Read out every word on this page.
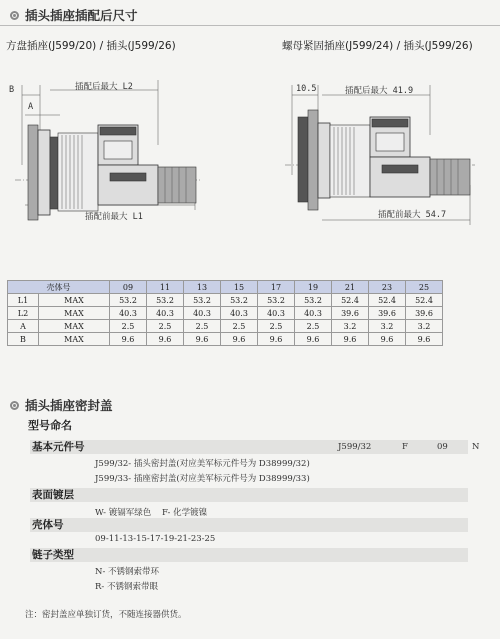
插头插座插配后尺寸
方盘插座(J599/20) / 插头(J599/26)	螺母紧固插座(J599/24) / 插头(J599/26)
B
A
插配后最大 L2
插配前最大 L1
10.5	插配后最大 41.9
插配前最大 54.7
壳体号		09	11	13	15	17	19	21	23	25
L1	MAX	53.2	53.2	53.2	53.2	53.2	53.2	52.4	52.4	52.4
L2	MAX	40.3	40.3	40.3	40.3	40.3	40.3	39.6	39.6	39.6
A	MAX	2.5	2.5	2.5	2.5	2.5	2.5	3.2	3.2	3.2
B	MAX	9.6	9.6	9.6	9.6	9.6	9.6	9.6	9.6	9.6
插头插座密封盖
型号命名
基本元件号	J599/32	F	09	N
J599/32- 插头密封盖(对应美军标元件号为 D38999/32)
J599/33- 插座密封盖(对应美军标元件号为 D38999/33)
表面镀层
W- 镀镉军绿色    F- 化学镀镍
壳体号
09-11-13-15-17-19-21-23-25
链子类型
N- 不锈钢索带环
R- 不锈钢索带眼
注：密封盖应单独订货，不随连接器供货。
